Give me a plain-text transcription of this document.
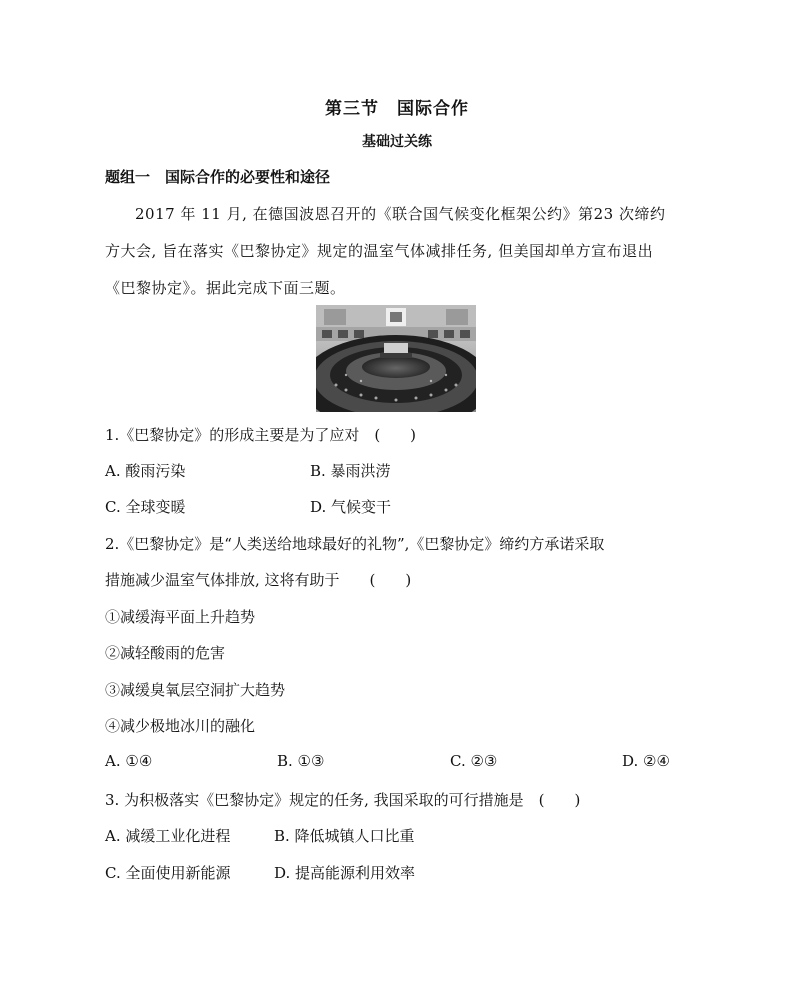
第三节　国际合作
基础过关练
题组一　国际合作的必要性和途径
2017 年 11 月, 在德国波恩召开的《联合国气候变化框架公约》第23 次缔约
方大会, 旨在落实《巴黎协定》规定的温室气体减排任务, 但美国却单方宣布退出
《巴黎协定》。据此完成下面三题。
1.《巴黎协定》的形成主要是为了应对　(　　)
A. 酸雨污染	B. 暴雨洪涝
C. 全球变暖	D. 气候变干
2.《巴黎协定》是“人类送给地球最好的礼物”,《巴黎协定》缔约方承诺采取
措施减少温室气体排放, 这将有助于　　(　　)
①减缓海平面上升趋势
②减轻酸雨的危害
③减缓臭氧层空洞扩大趋势
④减少极地冰川的融化
A. ①④	B. ①③	C. ②③	D. ②④
3. 为积极落实《巴黎协定》规定的任务, 我国采取的可行措施是　(　　)
A. 减缓工业化进程	B. 降低城镇人口比重
C. 全面使用新能源	D. 提高能源利用效率
